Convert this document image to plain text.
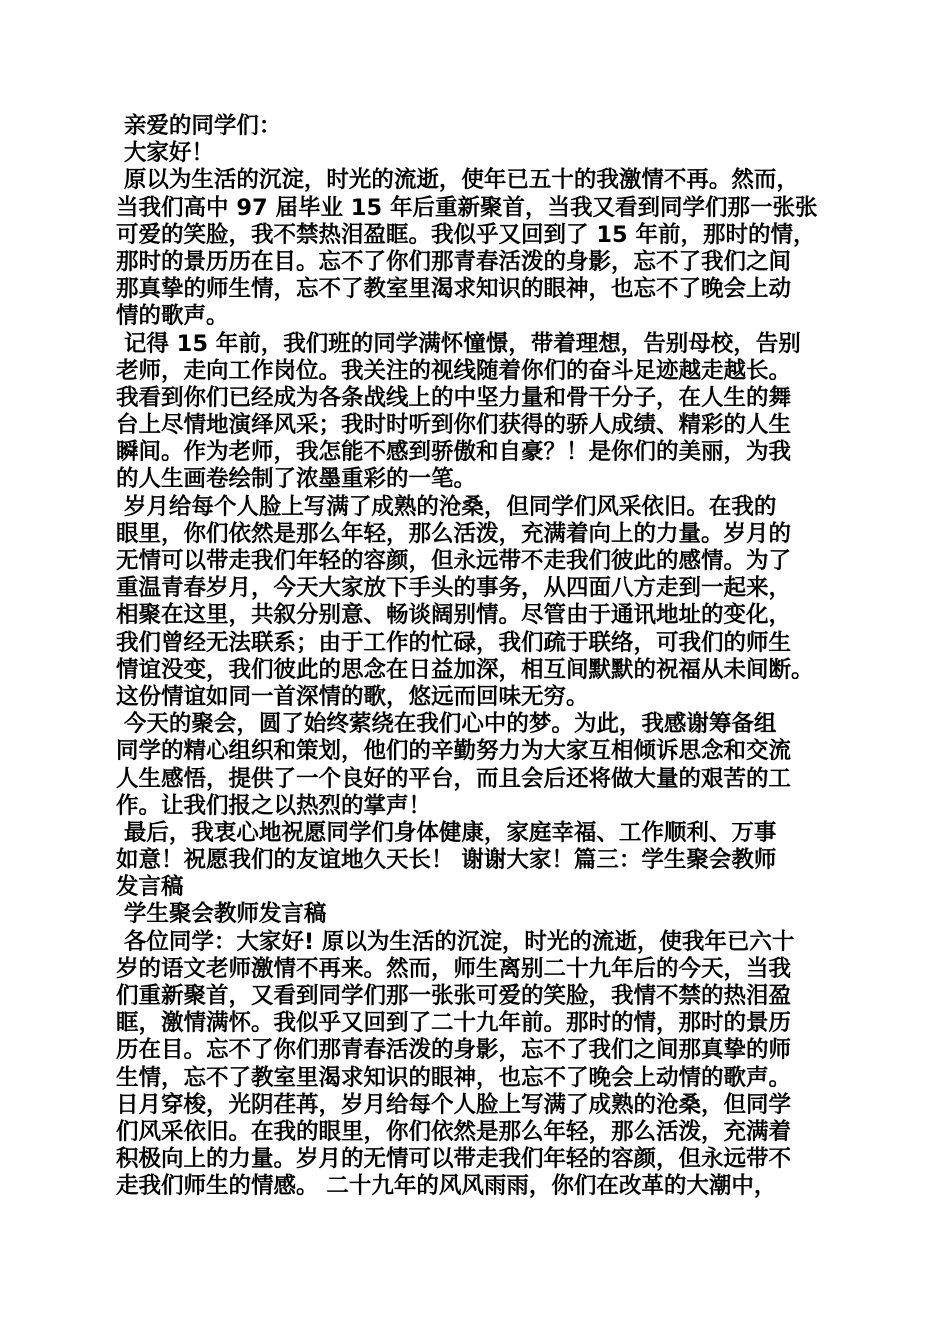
亲爱的同学们：
大家好！
原以为生活的沉淀，时光的流逝，使年已五十的我激情不再。然而，
当我们高中 97 届毕业 15 年后重新聚首，当我又看到同学们那一张张
可爱的笑脸，我不禁热泪盈眶。我似乎又回到了 15 年前，那时的情，
那时的景历历在目。忘不了你们那青春活泼的身影，忘不了我们之间
那真挚的师生情，忘不了教室里渴求知识的眼神，也忘不了晚会上动
情的歌声。
记得 15 年前，我们班的同学满怀憧憬，带着理想，告别母校，告别
老师，走向工作岗位。我关注的视线随着你们的奋斗足迹越走越长。
我看到你们已经成为各条战线上的中坚力量和骨干分子，在人生的舞
台上尽情地演绎风采；我时时听到你们获得的骄人成绩、精彩的人生
瞬间。作为老师，我怎能不感到骄傲和自豪？！是你们的美丽，为我
的人生画卷绘制了浓墨重彩的一笔。
岁月给每个人脸上写满了成熟的沧桑，但同学们风采依旧。在我的
眼里，你们依然是那么年轻，那么活泼，充满着向上的力量。岁月的
无情可以带走我们年轻的容颜，但永远带不走我们彼此的感情。为了
重温青春岁月，今天大家放下手头的事务，从四面八方走到一起来，
相聚在这里，共叙分别意、畅谈阔别情。尽管由于通讯地址的变化，
我们曾经无法联系；由于工作的忙碌，我们疏于联络，可我们的师生
情谊没变，我们彼此的思念在日益加深，相互间默默的祝福从未间断。
这份情谊如同一首深情的歌，悠远而回味无穷。
今天的聚会，圆了始终萦绕在我们心中的梦。为此，我感谢筹备组
同学的精心组织和策划，他们的辛勤努力为大家互相倾诉思念和交流
人生感悟，提供了一个良好的平台，而且会后还将做大量的艰苦的工
作。让我们报之以热烈的掌声！
最后，我衷心地祝愿同学们身体健康，家庭幸福、工作顺利、万事
如意！祝愿我们的友谊地久天长！ 谢谢大家！篇三：学生聚会教师
发言稿
学生聚会教师发言稿
各位同学：大家好! 原以为生活的沉淀，时光的流逝，使我年已六十
岁的语文老师激情不再来。然而，师生离别二十九年后的今天，当我
们重新聚首，又看到同学们那一张张可爱的笑脸，我情不禁的热泪盈
眶，激情满怀。我似乎又回到了二十九年前。那时的情，那时的景历
历在目。忘不了你们那青春活泼的身影，忘不了我们之间那真挚的师
生情，忘不了教室里渴求知识的眼神，也忘不了晚会上动情的歌声。
日月穿梭，光阴荏苒，岁月给每个人脸上写满了成熟的沧桑，但同学
们风采依旧。在我的眼里，你们依然是那么年轻，那么活泼，充满着
积极向上的力量。岁月的无情可以带走我们年轻的容颜，但永远带不
走我们师生的情感。 二十九年的风风雨雨，你们在改革的大潮中，
